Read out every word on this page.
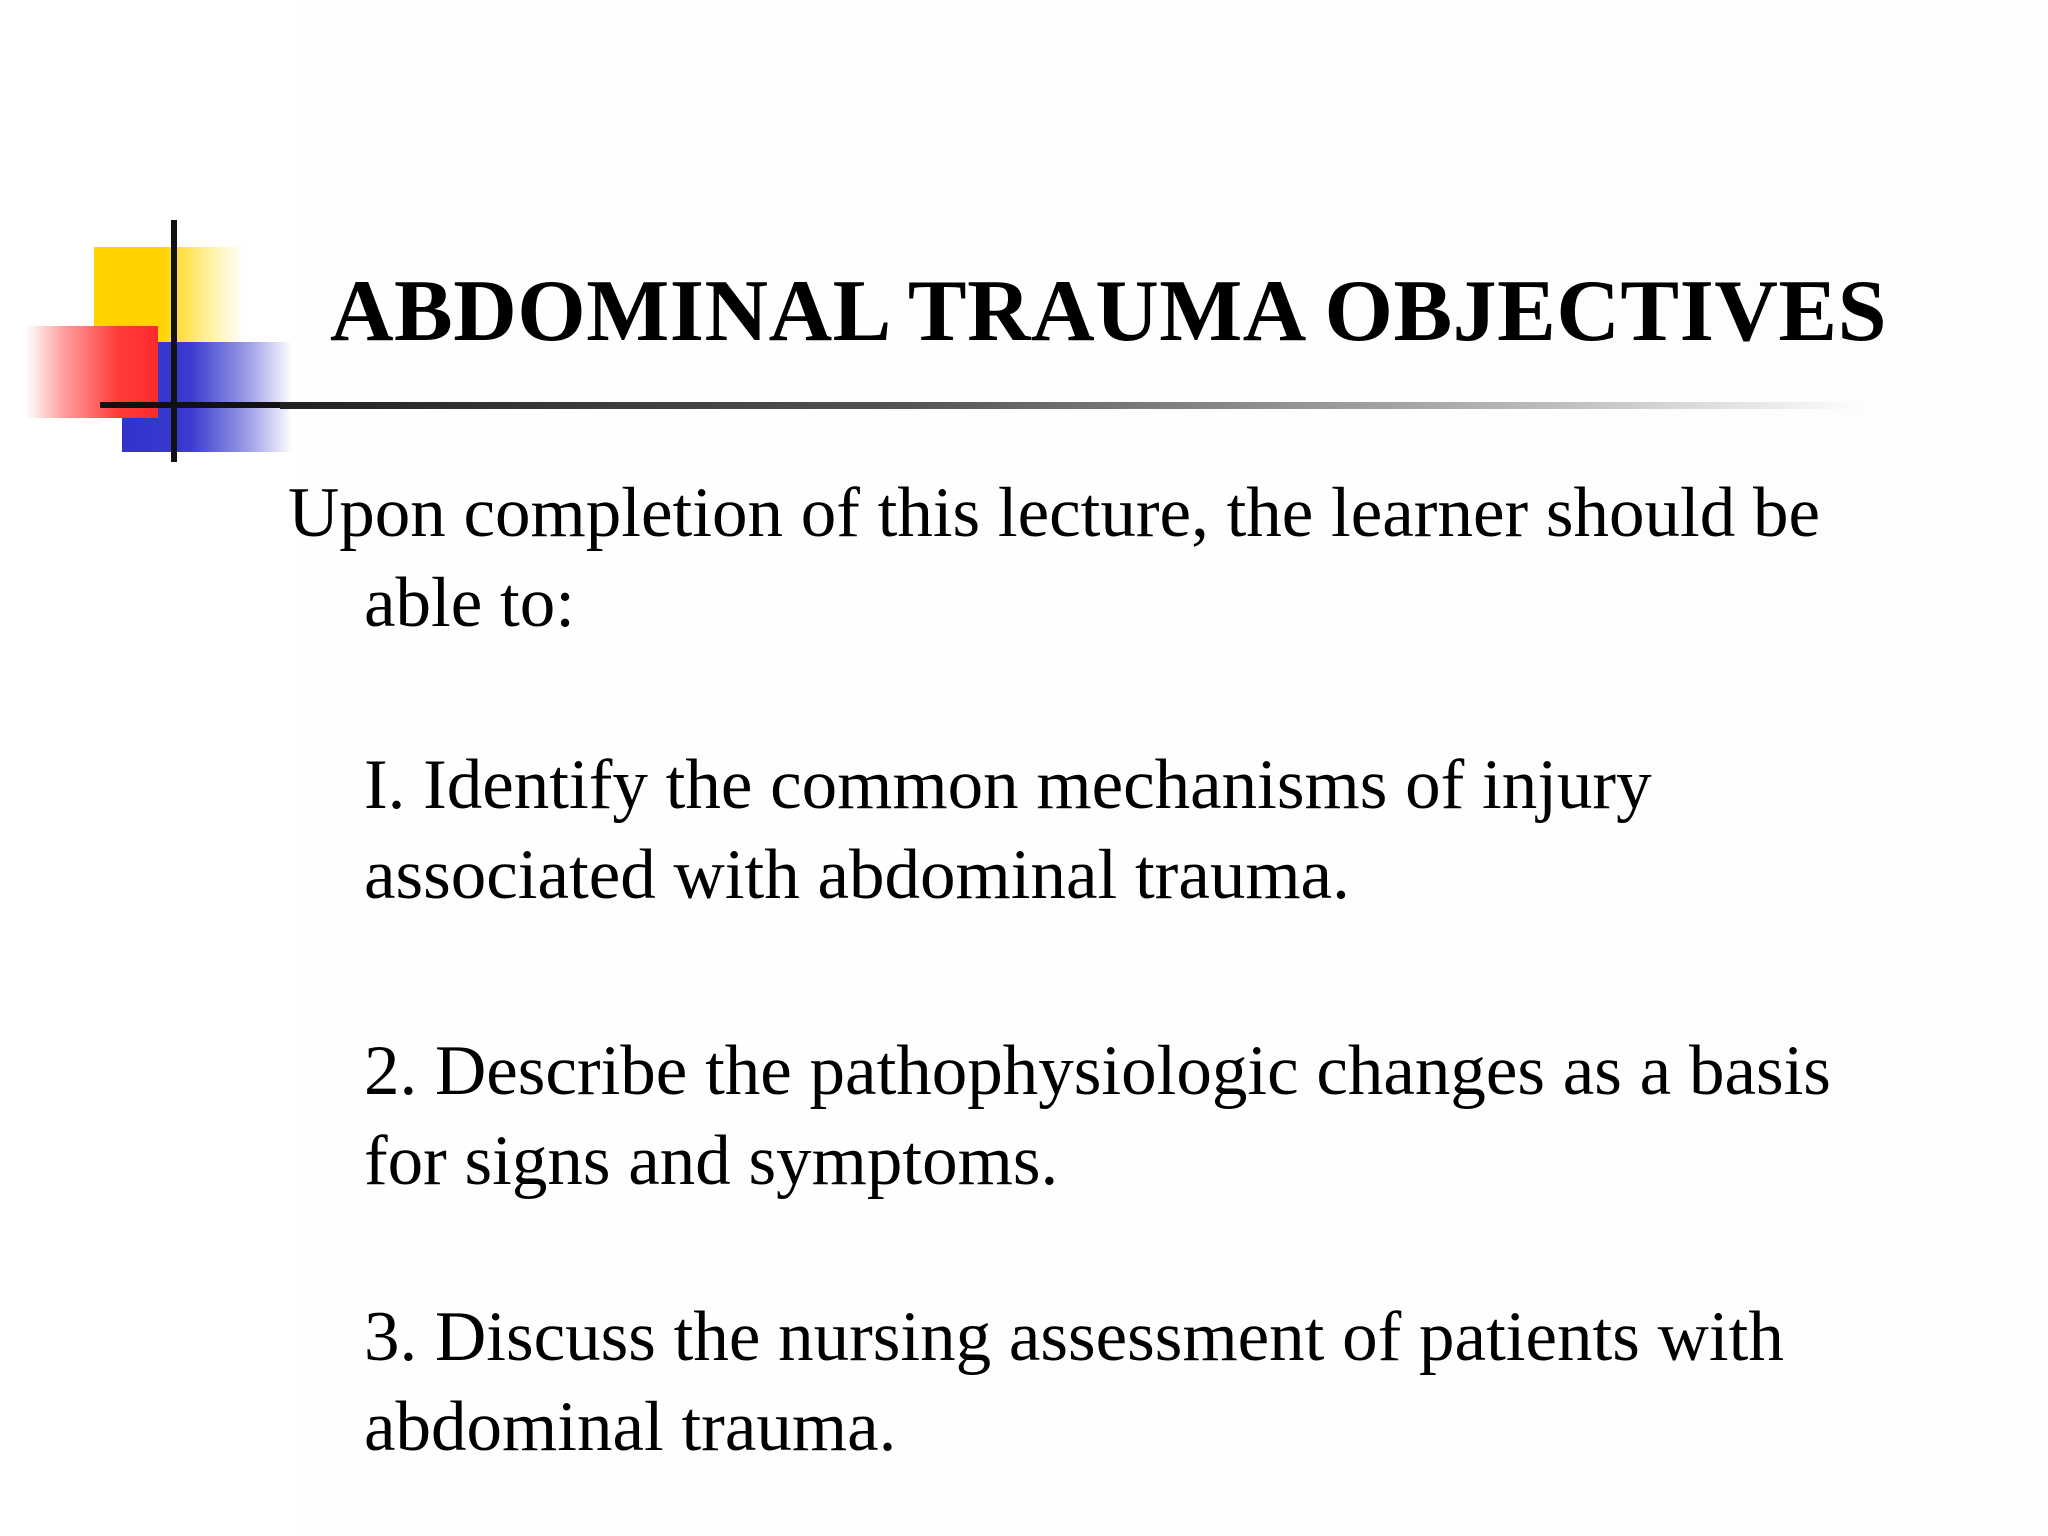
ABDOMINAL TRAUMA OBJECTIVES
Upon completion of this lecture, the learner should be
able to:
I. Identify the common mechanisms of injury
associated with abdominal trauma.
2. Describe the pathophysiologic changes as a basis
for signs and symptoms.
3. Discuss the nursing assessment of patients with
abdominal trauma.
